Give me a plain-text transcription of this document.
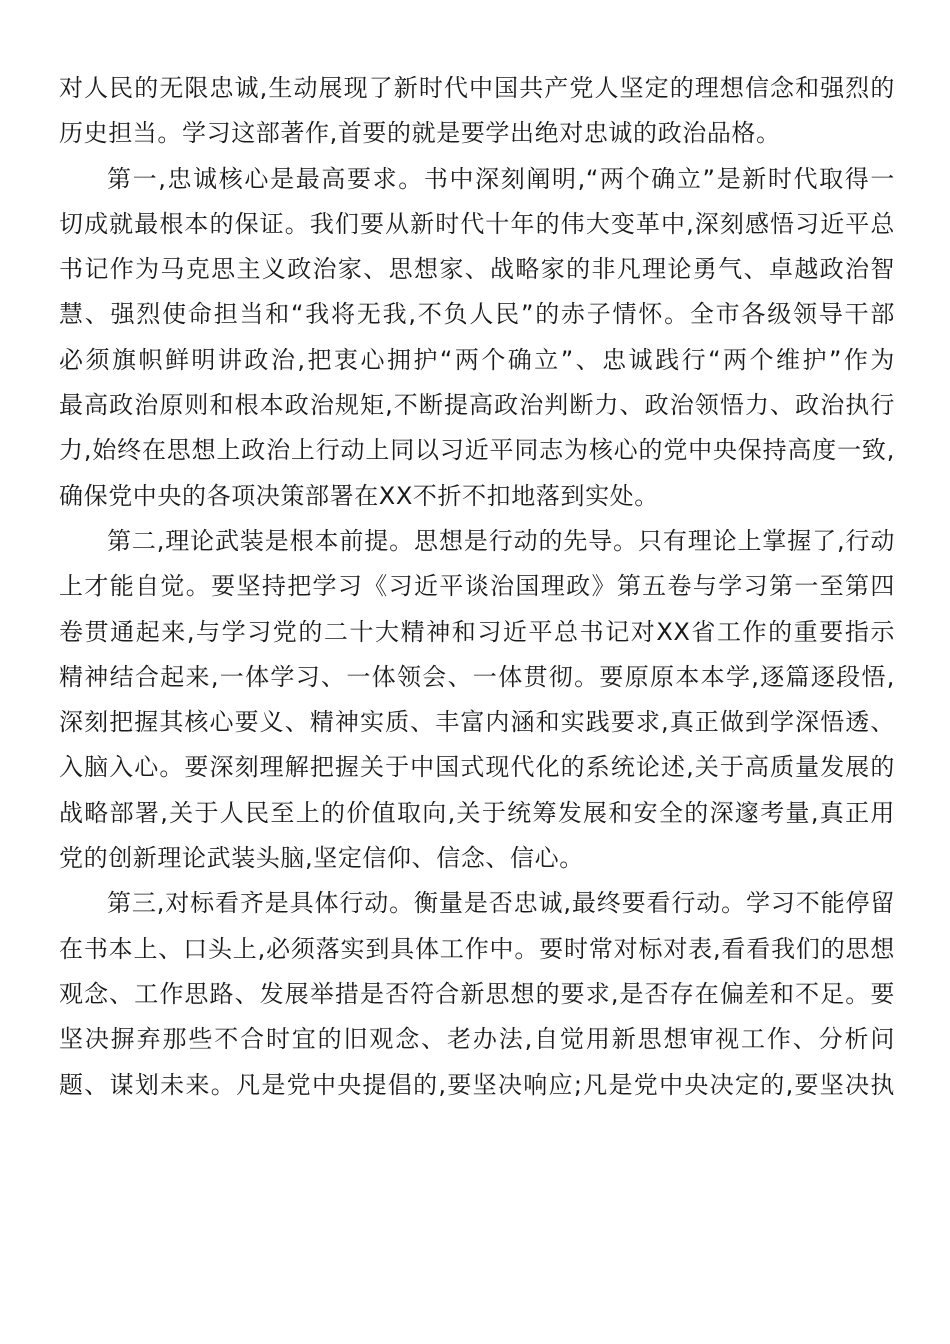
对人民的无限忠诚,生动展现了新时代中国共产党人坚定的理想信念和强烈的
历史担当。学习这部著作,首要的就是要学出绝对忠诚的政治品格。
第一,忠诚核心是最高要求。书中深刻阐明,“两个确立”是新时代取得一
切成就最根本的保证。我们要从新时代十年的伟大变革中,深刻感悟习近平总
书记作为马克思主义政治家、思想家、战略家的非凡理论勇气、卓越政治智
慧、强烈使命担当和“我将无我,不负人民”的赤子情怀。全市各级领导干部
必须旗帜鲜明讲政治,把衷心拥护“两个确立”、忠诚践行“两个维护”作为
最高政治原则和根本政治规矩,不断提高政治判断力、政治领悟力、政治执行
力,始终在思想上政治上行动上同以习近平同志为核心的党中央保持高度一致,
确保党中央的各项决策部署在XX不折不扣地落到实处。
第二,理论武装是根本前提。思想是行动的先导。只有理论上掌握了,行动
上才能自觉。要坚持把学习《习近平谈治国理政》第五卷与学习第一至第四
卷贯通起来,与学习党的二十大精神和习近平总书记对XX省工作的重要指示
精神结合起来,一体学习、一体领会、一体贯彻。要原原本本学,逐篇逐段悟,
深刻把握其核心要义、精神实质、丰富内涵和实践要求,真正做到学深悟透、
入脑入心。要深刻理解把握关于中国式现代化的系统论述,关于高质量发展的
战略部署,关于人民至上的价值取向,关于统筹发展和安全的深邃考量,真正用
党的创新理论武装头脑,坚定信仰、信念、信心。
第三,对标看齐是具体行动。衡量是否忠诚,最终要看行动。学习不能停留
在书本上、口头上,必须落实到具体工作中。要时常对标对表,看看我们的思想
观念、工作思路、发展举措是否符合新思想的要求,是否存在偏差和不足。要
坚决摒弃那些不合时宜的旧观念、老办法,自觉用新思想审视工作、分析问
题、谋划未来。凡是党中央提倡的,要坚决响应;凡是党中央决定的,要坚决执
